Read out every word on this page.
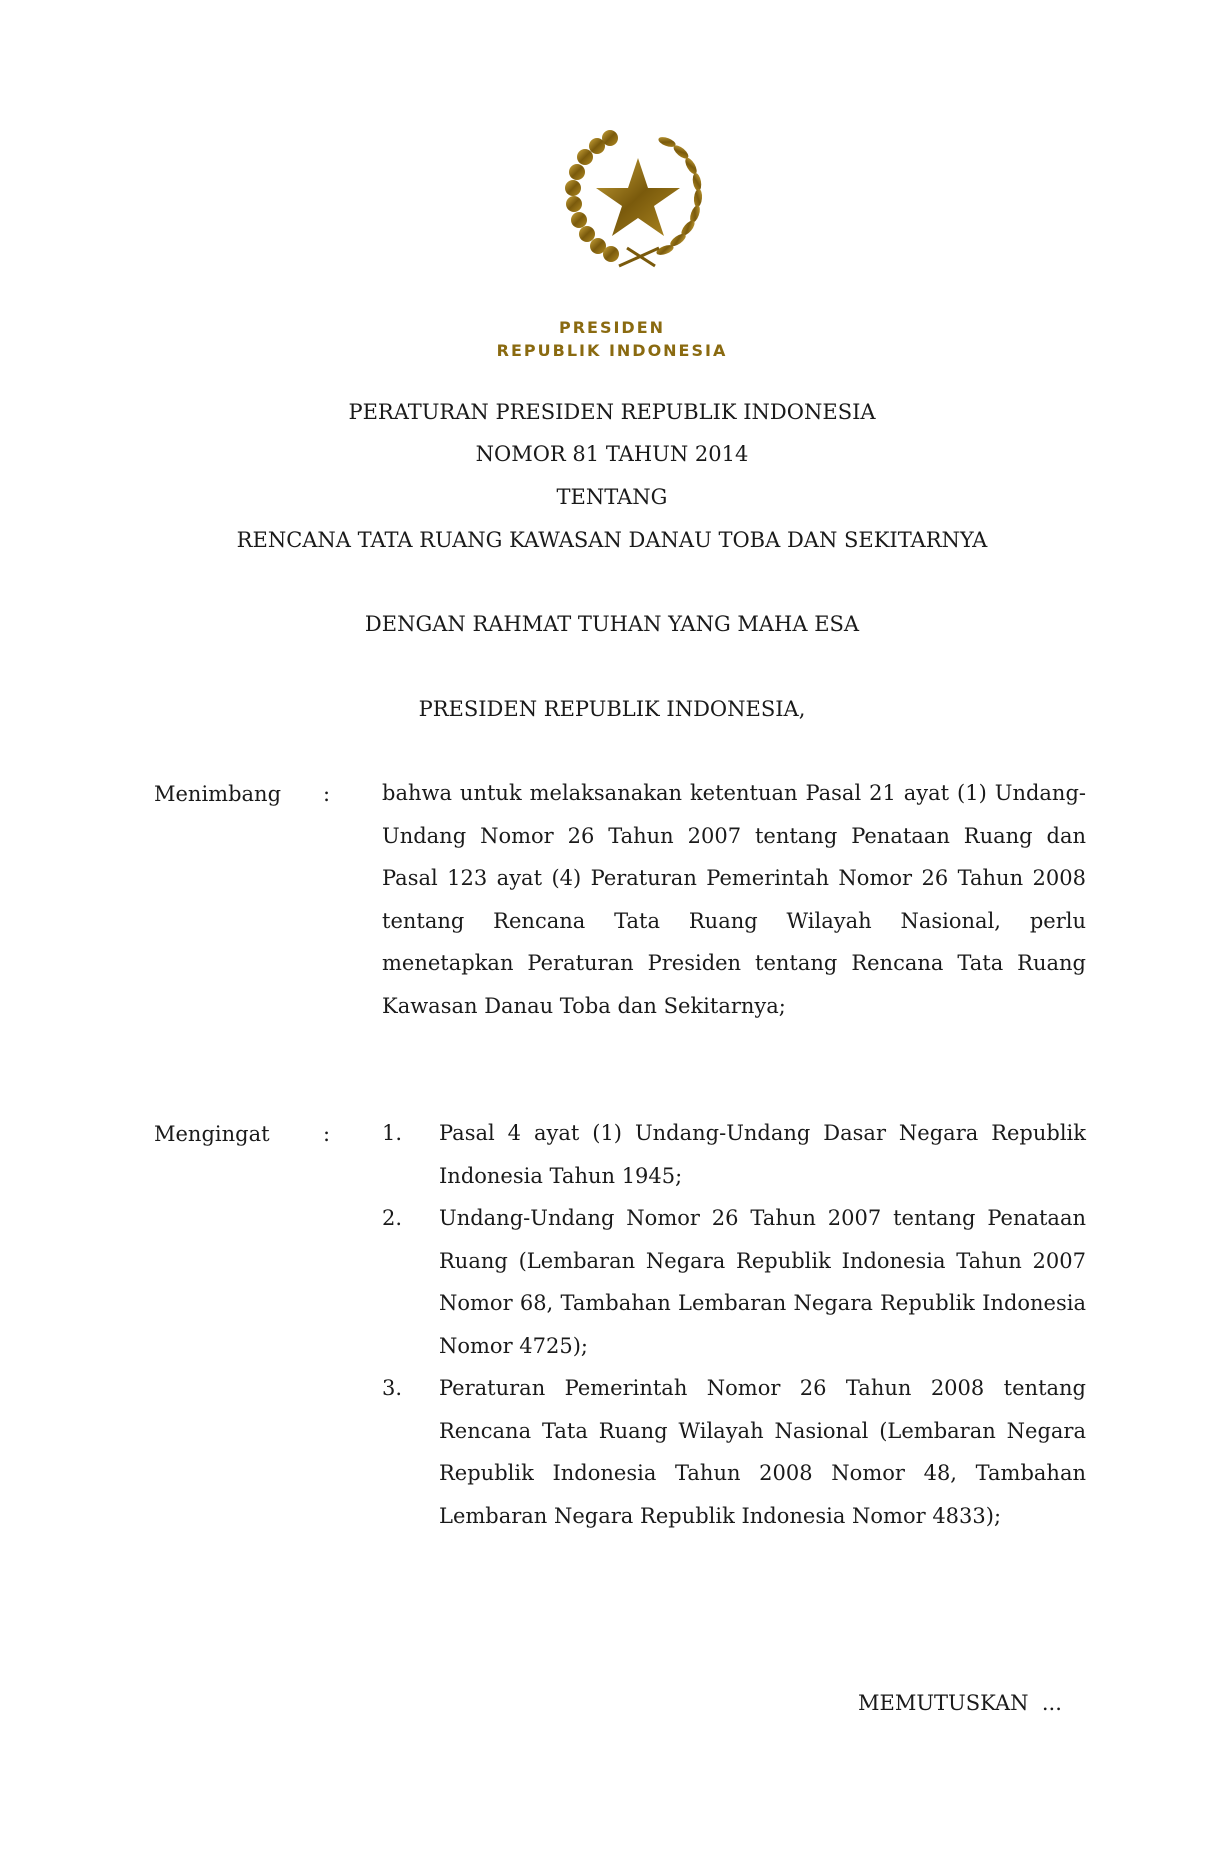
PRESIDEN
REPUBLIK INDONESIA
PERATURAN PRESIDEN REPUBLIK INDONESIA
NOMOR 81 TAHUN 2014
TENTANG
RENCANA TATA RUANG KAWASAN DANAU TOBA DAN SEKITARNYA
DENGAN RAHMAT TUHAN YANG MAHA ESA
PRESIDEN REPUBLIK INDONESIA,
Menimbang : bahwa untuk melaksanakan ketentuan Pasal 21 ayat (1) Undang-Undang Nomor 26 Tahun 2007 tentang Penataan Ruang dan Pasal 123 ayat (4) Peraturan Pemerintah Nomor 26 Tahun 2008 tentang Rencana Tata Ruang Wilayah Nasional, perlu menetapkan Peraturan Presiden tentang Rencana Tata Ruang Kawasan Danau Toba dan Sekitarnya;

Mengingat	: 1. Pasal 4 ayat (1) Undang-Undang Dasar Negara Republik Indonesia Tahun 1945;

2. Undang-Undang Nomor 26 Tahun 2007 tentang Penataan Ruang (Lembaran Negara Republik Indonesia Tahun 2007 Nomor 68, Tambahan Lembaran Negara Republik Indonesia Nomor 4725);

3. Peraturan Pemerintah Nomor 26 Tahun 2008 tentang Rencana Tata Ruang Wilayah Nasional (Lembaran Negara Republik Indonesia Tahun 2008 Nomor 48, Tambahan Lembaran Negara Republik Indonesia Nomor 4833);

MEMUTUSKAN  ...
